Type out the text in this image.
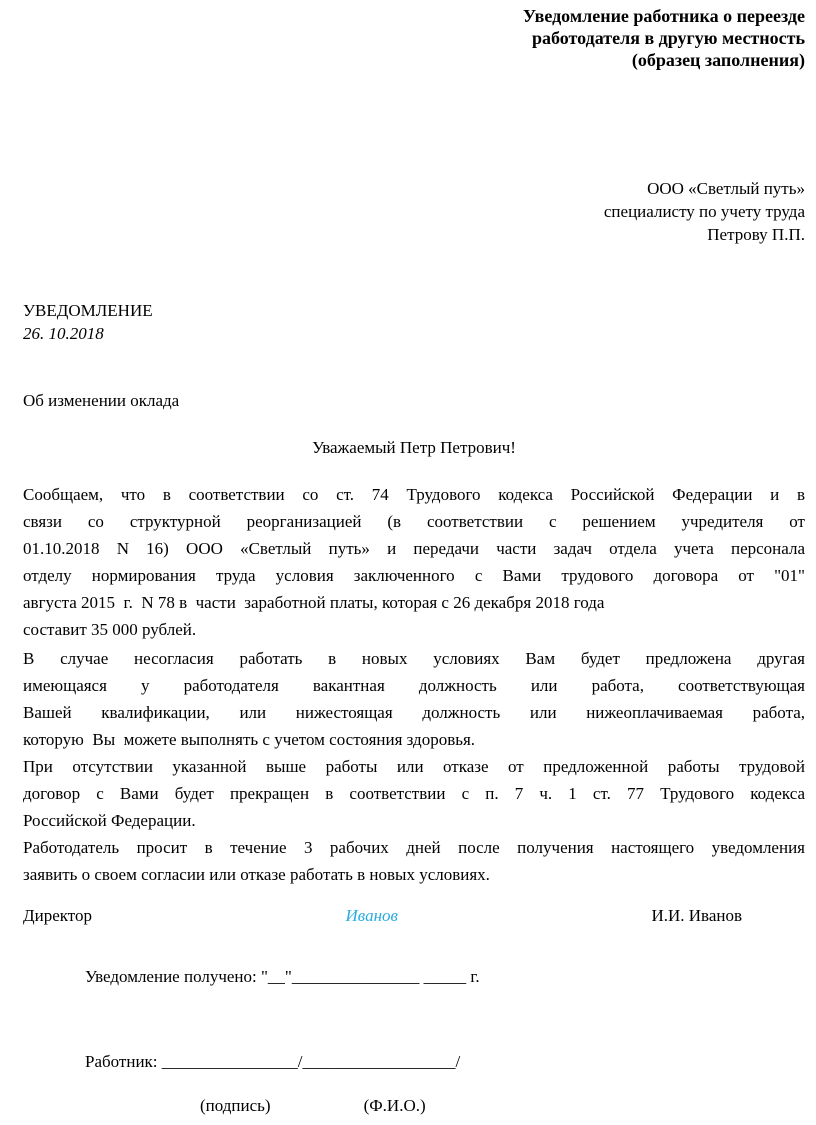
Уведомление работника о переезде
работодателя в другую местность
(образец заполнения)
ООО «Светлый путь»
специалисту по учету труда
Петрову П.П.
УВЕДОМЛЕНИЕ
26. 10.2018
Об изменении оклада
Уважаемый Петр Петрович!
Сообщаем, что в соответствии со ст. 74 Трудового кодекса Российской Федерации и в
связи со структурной реорганизацией (в соответствии с решением учредителя от
01.10.2018 N 16) ООО «Светлый путь» и передачи части задач отдела учета персонала
отделу нормирования труда условия заключенного с Вами трудового договора от "01"
августа 2015  г.  N 78 в  части  заработной платы, которая с 26 декабря 2018 года
составит 35 000 рублей.
В случае несогласия работать в новых условиях Вам будет предложена другая
имеющаяся у работодателя вакантная должность или работа, соответствующая
Вашей квалификации, или нижестоящая должность или нижеоплачиваемая работа,
которую  Вы  можете выполнять с учетом состояния здоровья.
При отсутствии указанной выше работы или отказе от предложенной работы трудовой
договор с Вами будет прекращен в соответствии с п. 7 ч. 1 ст. 77 Трудового кодекса
Российской Федерации.
Работодатель просит в течение 3 рабочих дней после получения настоящего уведомления
заявить о своем согласии или отказе работать в новых условиях.
Директор	Иванов	И.И. Иванов
Уведомление получено: "__"_______________ _____ г.
Работник: ________________/__________________/
(подпись)	(Ф.И.О.)
